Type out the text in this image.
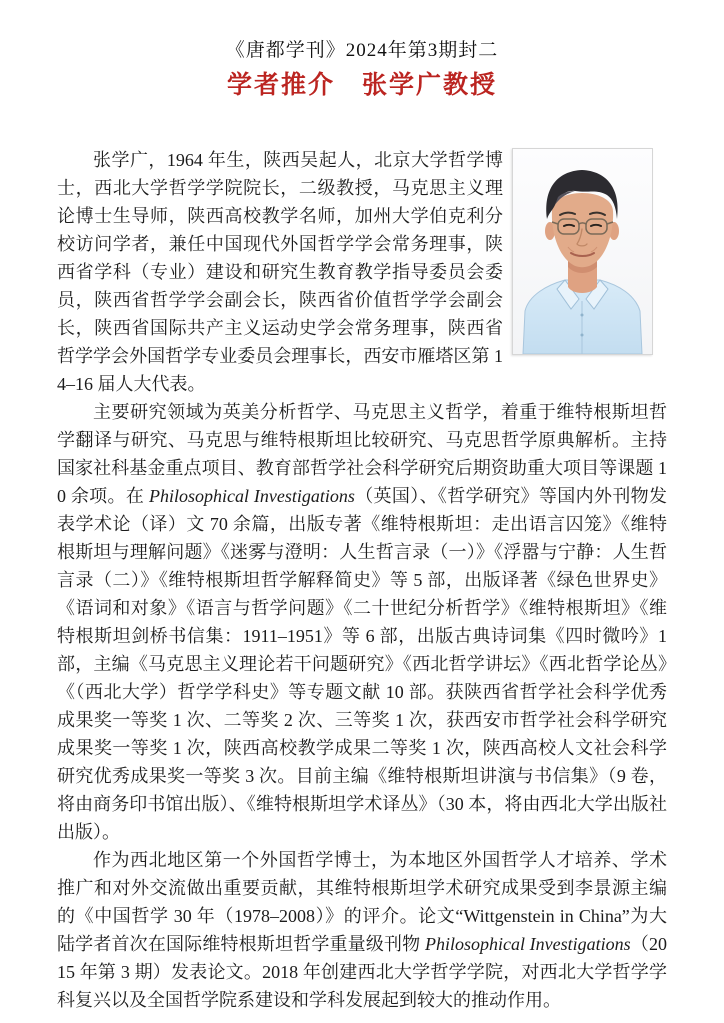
《唐都学刊》2024年第3期封二
学者推介　张学广教授

张学广，1964 年生，陕西吴起人，北京大学哲学博士，西北大学哲学学院院长，二级教授，马克思主义理论博士生导师，陕西高校教学名师，加州大学伯克利分校访问学者，兼任中国现代外国哲学学会常务理事，陕西省学科（专业）建设和研究生教育教学指导委员会委员，陕西省哲学学会副会长，陕西省价值哲学学会副会长，陕西省国际共产主义运动史学会常务理事，陕西省哲学学会外国哲学专业委员会理事长，西安市雁塔区第 14–16 届人大代表。

主要研究领域为英美分析哲学、马克思主义哲学，着重于维特根斯坦哲学翻译与研究、马克思与维特根斯坦比较研究、马克思哲学原典解析。主持国家社科基金重点项目、教育部哲学社会科学研究后期资助重大项目等课题 10 余项。在 Philosophical Investigations（英国）、《哲学研究》等国内外刊物发表学术论（译）文 70 余篇，出版专著《维特根斯坦：走出语言囚笼》《维特根斯坦与理解问题》《迷雾与澄明：人生哲言录（一）》《浮嚣与宁静：人生哲言录（二）》《维特根斯坦哲学解释简史》等 5 部，出版译著《绿色世界史》《语词和对象》《语言与哲学问题》《二十世纪分析哲学》《维特根斯坦》《维特根斯坦剑桥书信集：1911–1951》等 6 部，出版古典诗词集《四时微吟》1 部，主编《马克思主义理论若干问题研究》《西北哲学讲坛》《西北哲学论丛》《（西北大学）哲学学科史》等专题文献 10 部。获陕西省哲学社会科学优秀成果奖一等奖 1 次、二等奖 2 次、三等奖 1 次，获西安市哲学社会科学研究成果奖一等奖 1 次，陕西高校教学成果二等奖 1 次，陕西高校人文社会科学研究优秀成果奖一等奖 3 次。目前主编《维特根斯坦讲演与书信集》（9 卷，将由商务印书馆出版）、《维特根斯坦学术译丛》（30 本，将由西北大学出版社出版）。

作为西北地区第一个外国哲学博士，为本地区外国哲学人才培养、学术推广和对外交流做出重要贡献，其维特根斯坦学术研究成果受到李景源主编的《中国哲学 30 年（1978–2008）》的评介。论文“Wittgenstein in China”为大陆学者首次在国际维特根斯坦哲学重量级刊物 Philosophical Investigations（2015 年第 3 期）发表论文。2018 年创建西北大学哲学学院，对西北大学哲学学科复兴以及全国哲学院系建设和学科发展起到较大的推动作用。
